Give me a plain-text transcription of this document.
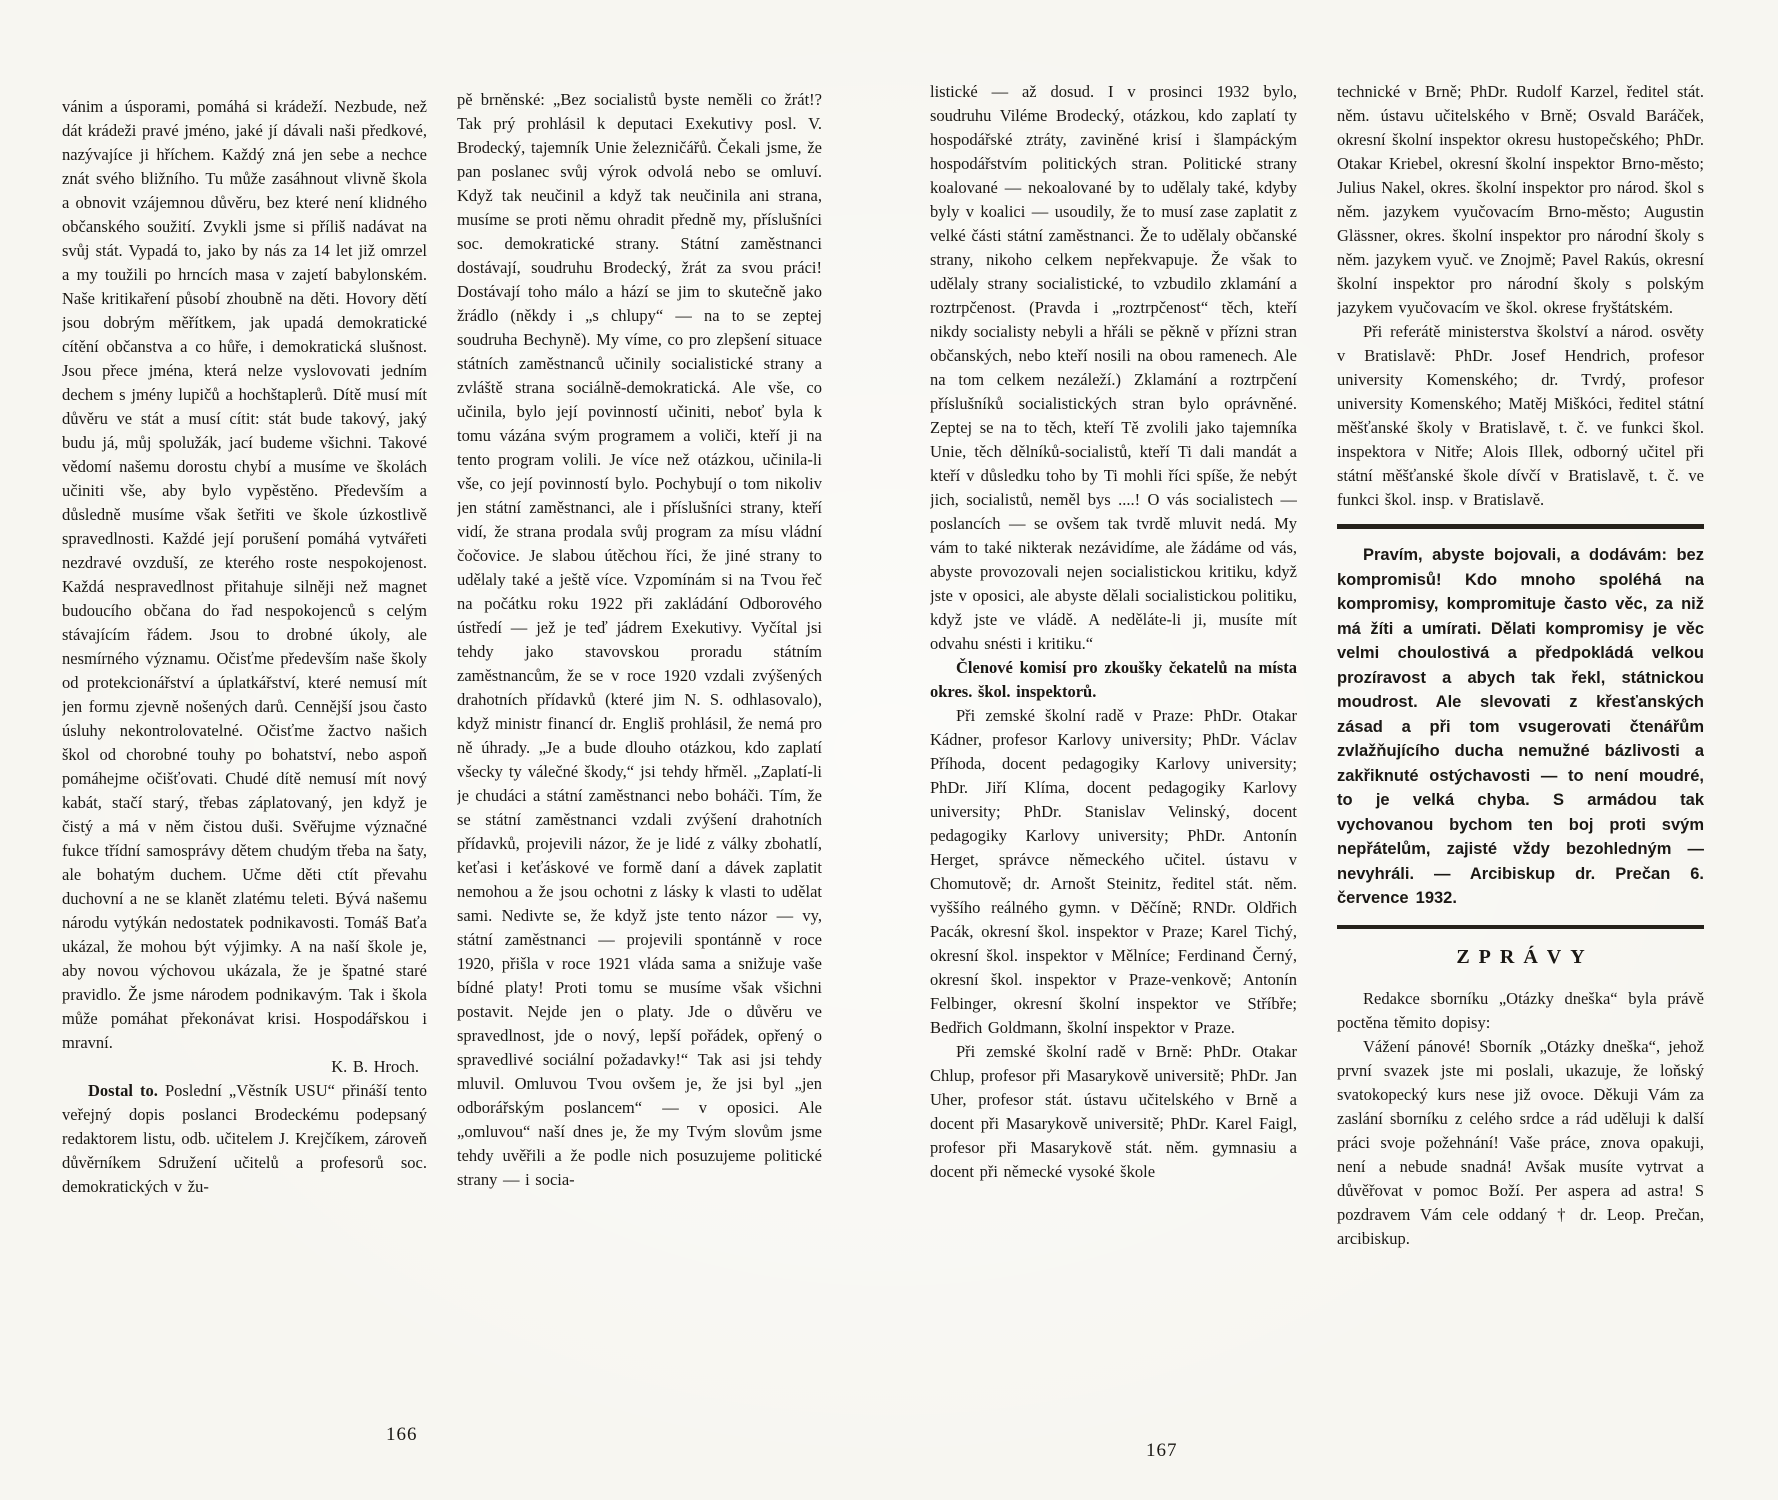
vánim a úsporami, pomáhá si krádeží. Nezbude, než dát krádeži pravé jméno, jaké jí dávali naši předkové, nazývajíce ji hříchem. Každý zná jen sebe a nechce znát svého bližního. Tu může zasáhnout vlivně škola a obnovit vzájemnou důvěru, bez které není klidného občanského soužití. Zvykli jsme si příliš nadávat na svůj stát. Vypadá to, jako by nás za 14 let již omrzel a my toužili po hrncích masa v zajetí babylonském. Naše kritikaření působí zhoubně na děti. Hovory dětí jsou dobrým měřítkem, jak upadá demokratické cítění občanstva a co hůře, i demokratická slušnost. Jsou přece jména, která nelze vyslovovati jedním dechem s jmény lupičů a hochštaplerů. Dítě musí mít důvěru ve stát a musí cítit: stát bude takový, jaký budu já, můj spolužák, jací budeme všichni. Takové vědomí našemu dorostu chybí a musíme ve školách učiniti vše, aby bylo vypěstěno. Především a důsledně musíme však šetřiti ve škole úzkostlivě spravedlnosti. Každé její porušení pomáhá vytvářeti nezdravé ovzduší, ze kterého roste nespokojenost. Každá nespravedlnost přitahuje silněji než magnet budoucího občana do řad nespokojenců s celým stávajícím řádem. Jsou to drobné úkoly, ale nesmírného významu. Očisťme především naše školy od protekcionářství a úplatkářství, které nemusí mít jen formu zjevně nošených darů. Cennější jsou často úsluhy nekontrolovatelné. Očisťme žactvo našich škol od chorobné touhy po bohatství, nebo aspoň pomáhejme očišťovati. Chudé dítě nemusí mít nový kabát, stačí starý, třebas záplatovaný, jen když je čistý a má v něm čistou duši. Svěřujme význačné fukce třídní samosprávy dětem chudým třeba na šaty, ale bohatým duchem. Učme děti ctít převahu duchovní a ne se klanět zlatému teleti. Bývá našemu národu vytýkán nedostatek podnikavosti. Tomáš Baťa ukázal, že mohou být výjimky. A na naší škole je, aby novou výchovou ukázala, že je špatné staré pravidlo. Že jsme národem podnikavým. Tak i škola může pomáhat překonávat krisi. Hospodářskou i mravní.

K. B. Hroch.

Dostal to. Poslední „Věstník USU“ přináší tento veřejný dopis poslanci Brodeckému podepsaný redaktorem listu, odb. učitelem J. Krejčíkem, zároveň důvěrníkem Sdružení učitelů a profesorů soc. demokratických v žu-

pě brněnské: „Bez socialistů byste neměli co žrát!? Tak prý prohlásil k deputaci Exekutivy posl. V. Brodecký, tajemník Unie železničářů. Čekali jsme, že pan poslanec svůj výrok odvolá nebo se omluví. Když tak neučinil a když tak neučinila ani strana, musíme se proti němu ohradit předně my, příslušníci soc. demokratické strany. Státní zaměstnanci dostávají, soudruhu Brodecký, žrát za svou práci! Dostávají toho málo a hází se jim to skutečně jako žrádlo (někdy i „s chlupy“ — na to se zeptej soudruha Bechyně). My víme, co pro zlepšení situace státních zaměstnanců učinily socialistické strany a zvláště strana sociálně-demokratická. Ale vše, co učinila, bylo její povinností učiniti, neboť byla k tomu vázána svým programem a voliči, kteří ji na tento program volili. Je více než otázkou, učinila-li vše, co její povinností bylo. Pochybují o tom nikoliv jen státní zaměstnanci, ale i příslušníci strany, kteří vidí, že strana prodala svůj program za mísu vládní čočovice. Je slabou útěchou říci, že jiné strany to udělaly také a ještě více. Vzpomínám si na Tvou řeč na počátku roku 1922 při zakládání Odborového ústředí — jež je teď jádrem Exekutivy. Vyčítal jsi tehdy jako stavovskou proradu státním zaměstnancům, že se v roce 1920 vzdali zvýšených drahotních přídavků (které jim N. S. odhlasovalo), když ministr financí dr. Engliš prohlásil, že nemá pro ně úhrady. „Je a bude dlouho otázkou, kdo zaplatí všecky ty válečné škody,“ jsi tehdy hřměl. „Zaplatí-li je chudáci a státní zaměstnanci nebo boháči. Tím, že se státní zaměstnanci vzdali zvýšení drahotních přídavků, projevili názor, že je lidé z války zbohatlí, keťasi i keťáskové ve formě daní a dávek zaplatit nemohou a že jsou ochotni z lásky k vlasti to udělat sami. Nedivte se, že když jste tento názor — vy, státní zaměstnanci — projevili spontánně v roce 1920, přišla v roce 1921 vláda sama a snižuje vaše bídné platy! Proti tomu se musíme však všichni postavit. Nejde jen o platy. Jde o důvěru ve spravedlnost, jde o nový, lepší pořádek, opřený o spravedlivé sociální požadavky!“ Tak asi jsi tehdy mluvil. Omluvou Tvou ovšem je, že jsi byl „jen odborářským poslancem“ — v oposici. Ale „omluvou“ naší dnes je, že my Tvým slovům jsme tehdy uvěřili a že podle nich posuzujeme politické strany — i socia-

166

listické — až dosud. I v prosinci 1932 bylo, soudruhu Viléme Brodecký, otázkou, kdo zaplatí ty hospodářské ztráty, zaviněné krisí i šlampáckým hospodářstvím politických stran. Politické strany koalované — nekoalované by to udělaly také, kdyby byly v koalici — usoudily, že to musí zase zaplatit z velké části státní zaměstnanci. Že to udělaly občanské strany, nikoho celkem nepřekvapuje. Že však to udělaly strany socialistické, to vzbudilo zklamání a roztrpčenost. (Pravda i „roztrpčenost“ těch, kteří nikdy socialisty nebyli a hřáli se pěkně v přízni stran občanských, nebo kteří nosili na obou ramenech. Ale na tom celkem nezáleží.) Zklamání a roztrpčení příslušníků socialistických stran bylo oprávněné. Zeptej se na to těch, kteří Tě zvolili jako tajemníka Unie, těch dělníků-socialistů, kteří Ti dali mandát a kteří v důsledku toho by Ti mohli říci spíše, že nebýt jich, socialistů, neměl bys ....! O vás socialistech — poslancích — se ovšem tak tvrdě mluvit nedá. My vám to také nikterak nezávidíme, ale žádáme od vás, abyste provozovali nejen socialistickou kritiku, když jste v oposici, ale abyste dělali socialistickou politiku, když jste ve vládě. A neděláte-li ji, musíte mít odvahu snésti i kritiku.“

Členové komisí pro zkoušky čekatelů na místa okres. škol. inspektorů.

Při zemské školní radě v Praze: PhDr. Otakar Kádner, profesor Karlovy university; PhDr. Václav Příhoda, docent pedagogiky Karlovy university; PhDr. Jiří Klíma, docent pedagogiky Karlovy university; PhDr. Stanislav Velinský, docent pedagogiky Karlovy university; PhDr. Antonín Herget, správce německého učitel. ústavu v Chomutově; dr. Arnošt Steinitz, ředitel stát. něm. vyššího reálného gymn. v Děčíně; RNDr. Oldřich Pacák, okresní škol. inspektor v Praze; Karel Tichý, okresní škol. inspektor v Mělníce; Ferdinand Černý, okresní škol. inspektor v Praze-venkově; Antonín Felbinger, okresní školní inspektor ve Stříbře; Bedřich Goldmann, školní inspektor v Praze.

Při zemské školní radě v Brně: PhDr. Otakar Chlup, profesor při Masarykově universitě; PhDr. Jan Uher, profesor stát. ústavu učitelského v Brně a docent při Masarykově universitě; PhDr. Karel Faigl, profesor při Masarykově stát. něm. gymnasiu a docent při německé vysoké škole

technické v Brně; PhDr. Rudolf Karzel, ředitel stát. něm. ústavu učitelského v Brně; Osvald Baráček, okresní školní inspektor okresu hustopečského; PhDr. Otakar Kriebel, okresní školní inspektor Brno-město; Julius Nakel, okres. školní inspektor pro národ. škol s něm. jazykem vyučovacím Brno-město; Augustin Glässner, okres. školní inspektor pro národní školy s něm. jazykem vyuč. ve Znojmě; Pavel Rakús, okresní školní inspektor pro národní školy s polským jazykem vyučovacím ve škol. okrese fryštátském.

Při referátě ministerstva školství a národ. osvěty v Bratislavě: PhDr. Josef Hendrich, profesor university Komenského; dr. Tvrdý, profesor university Komenského; Matěj Miškóci, ředitel státní měšťanské školy v Bratislavě, t. č. ve funkci škol. inspektora v Nitře; Alois Illek, odborný učitel při státní měšťanské škole dívčí v Bratislavě, t. č. ve funkci škol. insp. v Bratislavě.

Pravím, abyste bojovali, a dodávám: bez kompromisů! Kdo mnoho spoléhá na kompromisy, kompromituje často věc, za niž má žíti a umírati. Dělati kompromisy je věc velmi choulostivá a předpokládá velkou prozíravost a abych tak řekl, státnickou moudrost. Ale slevovati z křesťanských zásad a při tom vsugerovati čtenářům zvlažňujícího ducha nemužné bázlivosti a zakřiknuté ostýchavosti — to není moudré, to je velká chyba. S armádou tak vychovanou bychom ten boj proti svým nepřátelům, zajisté vždy bezohledným — nevyhráli. — Arcibiskup dr. Prečan 6. července 1932.

ZPRÁVY

Redakce sborníku „Otázky dneška“ byla právě poctěna těmito dopisy:

Vážení pánové! Sborník „Otázky dneška“, jehož první svazek jste mi poslali, ukazuje, že loňský svatokopecký kurs nese již ovoce. Děkuji Vám za zaslání sborníku z celého srdce a rád uděluji k další práci svoje požehnání! Vaše práce, znova opakuji, není a nebude snadná! Avšak musíte vytrvat a důvěřovat v pomoc Boží. Per aspera ad astra! S pozdravem Vám cele oddaný † dr. Leop. Prečan, arcibiskup.

167
